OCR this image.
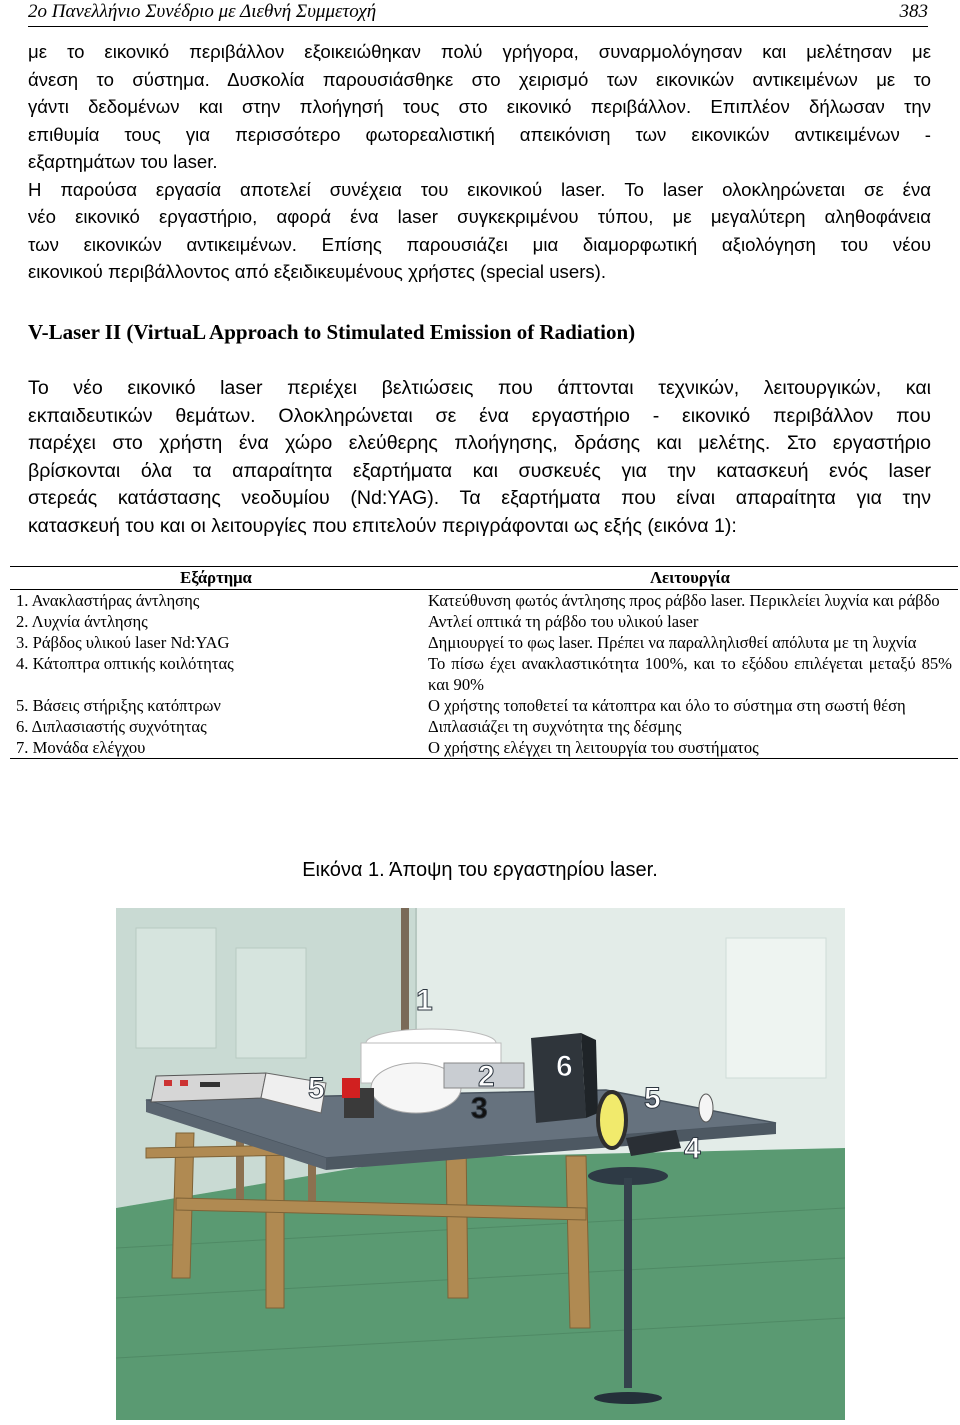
2ο Πανελλήνιο Συνέδριο με Διεθνή Συμμετοχή	383
με το εικονικό περιβάλλον εξοικειώθηκαν πολύ γρήγορα, συναρμολόγησαν και μελέτησαν με
άνεση το σύστημα. Δυσκολία παρουσιάσθηκε στο χειρισμό των εικονικών αντικειμένων με το
γάντι δεδομένων και στην πλοήγησή τους στο εικονικό περιβάλλον. Επιπλέον δήλωσαν την
επιθυμία τους για περισσότερο φωτορεαλιστική απεικόνιση των εικονικών αντικειμένων -
εξαρτημάτων του laser.
Η παρούσα εργασία αποτελεί συνέχεια του εικονικού laser. Το laser ολοκληρώνεται σε ένα
νέο εικονικό εργαστήριο, αφορά ένα laser συγκεκριμένου τύπου, με μεγαλύτερη αληθοφάνεια
των εικονικών αντικειμένων. Επίσης παρουσιάζει μια διαμορφωτική αξιολόγηση του νέου
εικονικού περιβάλλοντος από εξειδικευμένους χρήστες (special users).
V-Laser II (VirtuaL Approach to Stimulated Emission of Radiation)
Το νέο εικονικό laser περιέχει βελτιώσεις που άπτονται τεχνικών, λειτουργικών, και
εκπαιδευτικών θεμάτων. Ολοκληρώνεται σε ένα εργαστήριο - εικονικό περιβάλλον που
παρέχει στο χρήστη ένα χώρο ελεύθερης πλοήγησης, δράσης και μελέτης. Στο εργαστήριο
βρίσκονται όλα τα απαραίτητα εξαρτήματα και συσκευές για την κατασκευή ενός laser
στερεάς κατάστασης νεοδυμίου (Nd:YAG). Τα εξαρτήματα που είναι απαραίτητα για την
κατασκευή του και οι λειτουργίες που επιτελούν περιγράφονται ως εξής (εικόνα 1):
Εξάρτημα	Λειτουργία
1. Ανακλαστήρας άντλησης	Κατεύθυνση φωτός άντλησης προς ράβδο laser. Περικλείει λυχνία και ράβδο
2. Λυχνία άντλησης	Αντλεί οπτικά τη ράβδο του υλικού laser
3. Ράβδος υλικού laser Nd:YAG	Δημιουργεί το φως laser. Πρέπει να παραλληλισθεί απόλυτα με τη λυχνία
4. Κάτοπτρα οπτικής κοιλότητας	Το πίσω έχει ανακλαστικότητα 100%, και το εξόδου επιλέγεται μεταξύ 85% και 90%
5. Βάσεις στήριξης κατόπτρων	Ο χρήστης τοποθετεί τα κάτοπτρα και όλο το σύστημα στη σωστή θέση
6. Διπλασιαστής συχνότητας	Διπλασιάζει τη συχνότητα της δέσμης
7. Μονάδα ελέγχου	Ο χρήστης ελέγχει τη λειτουργία του συστήματος
Εικόνα 1. Άποψη του εργαστηρίου laser.
1
2
3
4
5	5
6
